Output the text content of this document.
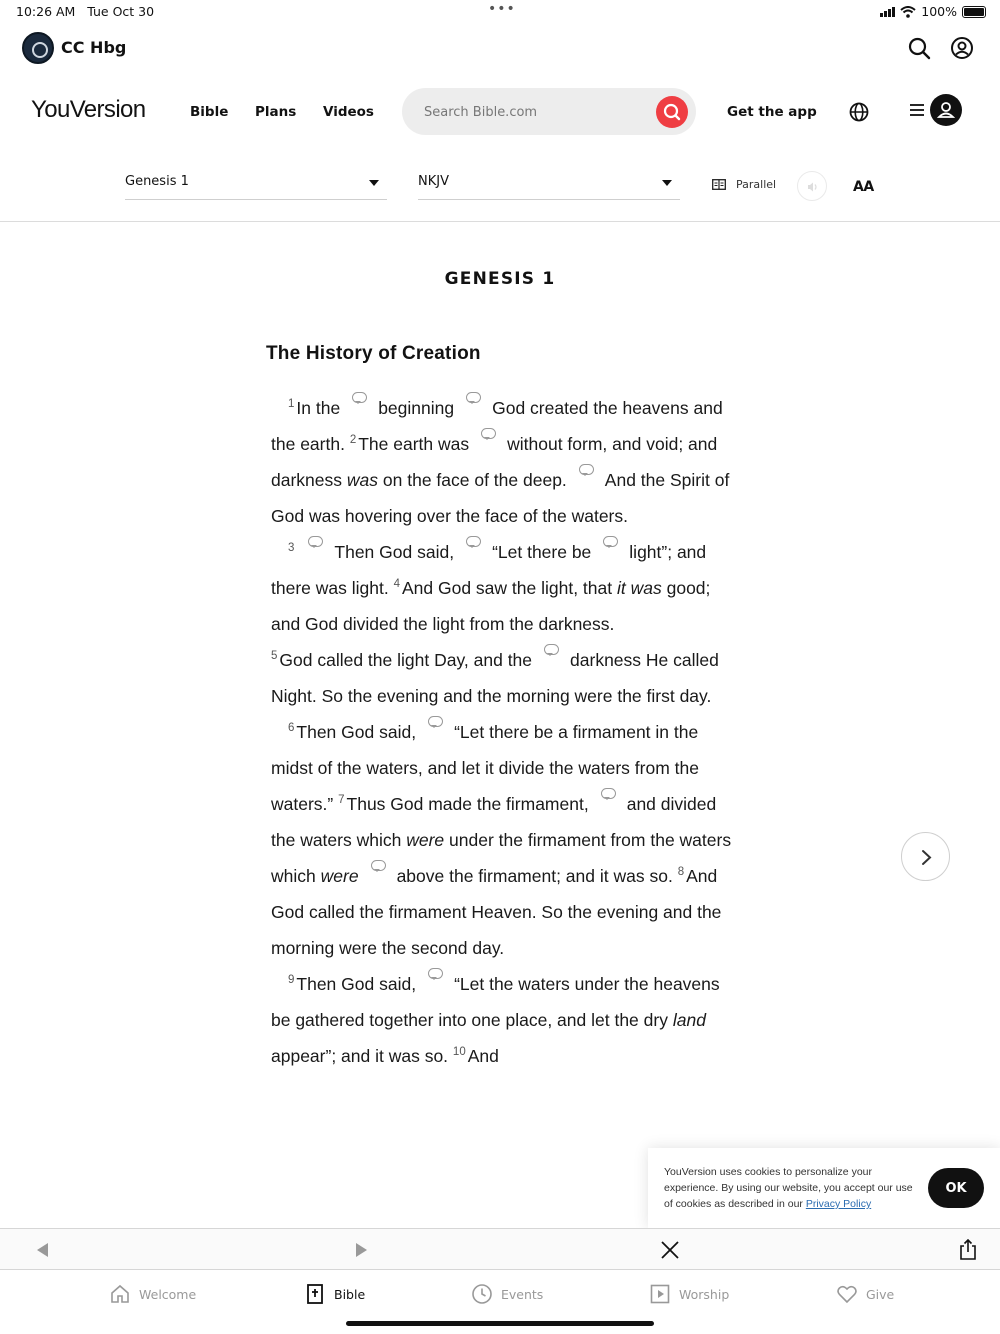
10:26 AM Tue Oct 30	•••	100%
CC Hbg
YouVersion	Bible Plans Videos
Search Bible.com	Get the app
Genesis 1	NKJV	Parallel	AA
GENESIS 1
The History of Creation

$^1$ In the beginning God created the heavens and the earth. $^2$ The earth was without form, and void; and darkness was on the face of the deep. And the Spirit of God was hovering over the face of the waters.

$^3$ Then God said, “Let there be light”; and there was light. $^4$ And God saw the light, that it was good; and God divided the light from the darkness.

$^5$ God called the light Day, and the darkness He called Night. So the evening and the morning were the first day.

$^6$ Then God said, “Let there be a firmament in the midst of the waters, and let it divide the waters from the waters.” $^7$ Thus God made the firmament, and divided the waters which were under the firmament from the waters which were above the firmament; and it was so. $^8$ And God called the firmament Heaven. So the evening and the morning were the second day.

$^9$ Then God said, “Let the waters under the heavens be gathered together into one place, and let the dry land appear”; and it was so. $^{10}$ And

YouVersion uses cookies to personalize your experience. By using our website, you accept our use of cookies as described in our Privacy Policy
OK
Welcome	Bible	Events	Worship	Give
